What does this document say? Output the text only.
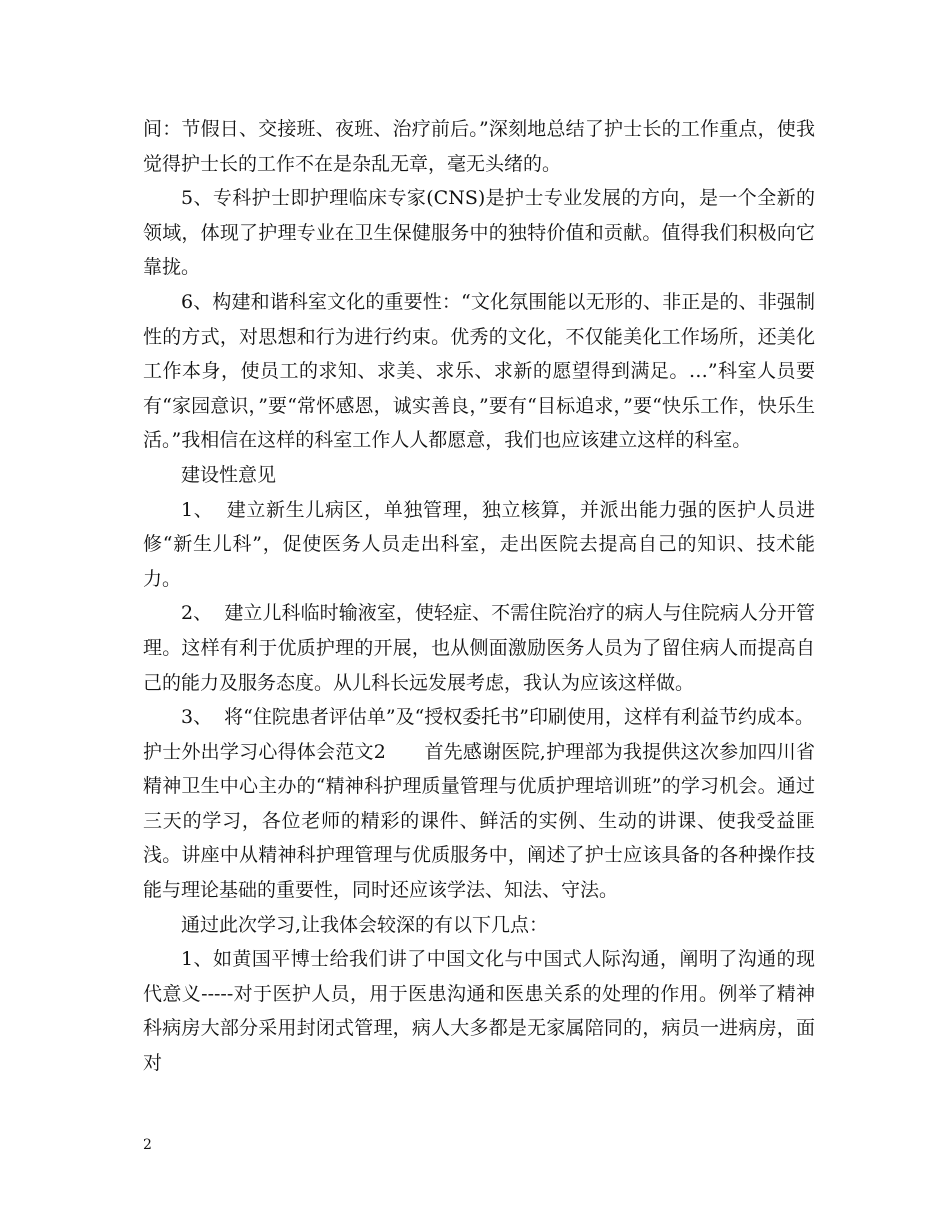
间：节假日、交接班、夜班、治疗前后。”深刻地总结了护士长的工作重点，使我觉得护士长的工作不在是杂乱无章，毫无头绪的。

5、专科护士即护理临床专家(CNS)是护士专业发展的方向，是一个全新的领域，体现了护理专业在卫生保健服务中的独特价值和贡献。值得我们积极向它靠拢。

6、构建和谐科室文化的重要性：“文化氛围能以无形的、非正是的、非强制性的方式，对思想和行为进行约束。优秀的文化，不仅能美化工作场所，还美化工作本身，使员工的求知、求美、求乐、求新的愿望得到满足。…”科室人员要有“家园意识，”要“常怀感恩，诚实善良，”要有“目标追求，”要“快乐工作，快乐生活。”我相信在这样的科室工作人人都愿意，我们也应该建立这样的科室。

建设性意见

1、  建立新生儿病区，单独管理，独立核算，并派出能力强的医护人员进修“新生儿科”，促使医务人员走出科室，走出医院去提高自己的知识、技术能力。

2、  建立儿科临时输液室，使轻症、不需住院治疗的病人与住院病人分开管理。这样有利于优质护理的开展，也从侧面激励医务人员为了留住病人而提高自己的能力及服务态度。从儿科长远发展考虑，我认为应该这样做。

3、  将“住院患者评估单”及“授权委托书”印刷使用，这样有利益节约成本。

护士外出学习心得体会范文2　　首先感谢医院,护理部为我提供这次参加四川省精神卫生中心主办的“精神科护理质量管理与优质护理培训班”的学习机会。通过三天的学习，各位老师的精彩的课件、鲜活的实例、生动的讲课、使我受益匪浅。讲座中从精神科护理管理与优质服务中，阐述了护士应该具备的各种操作技能与理论基础的重要性，同时还应该学法、知法、守法。

通过此次学习,让我体会较深的有以下几点：

1、如黄国平博士给我们讲了中国文化与中国式人际沟通，阐明了沟通的现代意义-----对于医护人员，用于医患沟通和医患关系的处理的作用。例举了精神科病房大部分采用封闭式管理，病人大多都是无家属陪同的，病员一进病房，面对

2
